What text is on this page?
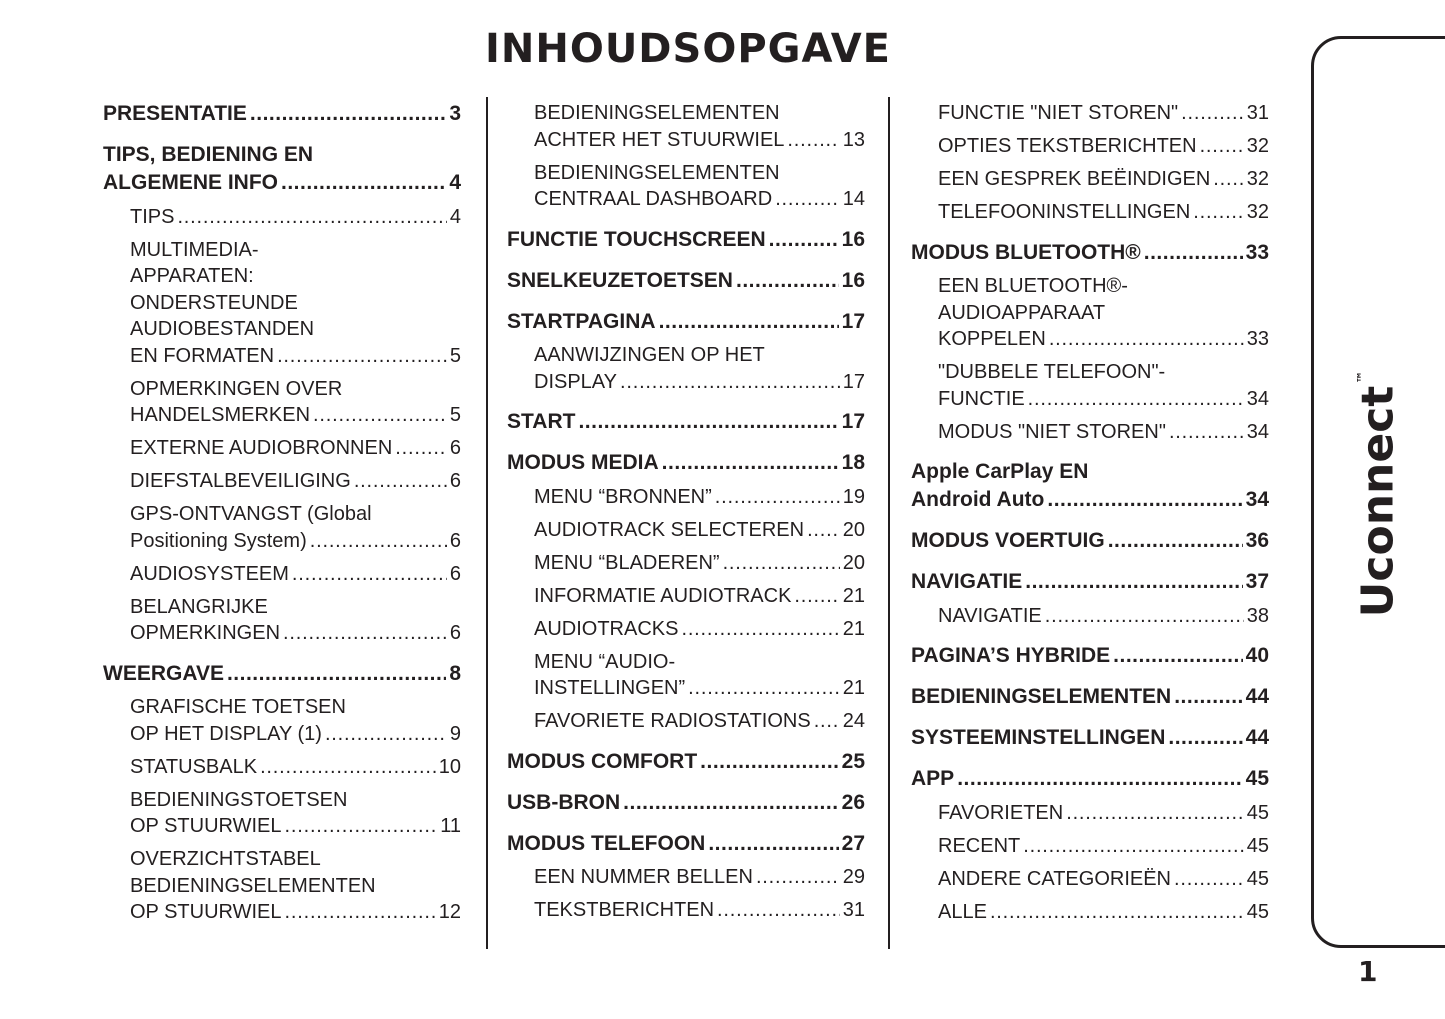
INHOUDSOPGAVE
PRESENTATIE .....	3
TIPS, BEDIENING EN
ALGEMENE INFO .....	4
TIPS .....	4
MULTIMEDIA-
APPARATEN:
ONDERSTEUNDE
AUDIOBESTANDEN
EN FORMATEN .....	5
OPMERKINGEN OVER
HANDELSMERKEN .....	5
EXTERNE AUDIOBRONNEN .....	6
DIEFSTALBEVEILIGING .....	6
GPS-ONTVANGST (Global
Positioning System) .....	6
AUDIOSYSTEEM .....	6
BELANGRIJKE
OPMERKINGEN .....	6
WEERGAVE .....	8
GRAFISCHE TOETSEN
OP HET DISPLAY (1) .....	9
STATUSBALK .....	10
BEDIENINGSTOETSEN
OP STUURWIEL .....	11
OVERZICHTSTABEL
BEDIENINGSELEMENTEN
OP STUURWIEL .....	12
BEDIENINGSELEMENTEN
ACHTER HET STUURWIEL .....	13
BEDIENINGSELEMENTEN
CENTRAAL DASHBOARD .....	14
FUNCTIE TOUCHSCREEN .....	16
SNELKEUZETOETSEN .....	16
STARTPAGINA .....	17
AANWIJZINGEN OP HET
DISPLAY .....	17
START .....	17
MODUS MEDIA .....	18
MENU “BRONNEN” .....	19
AUDIOTRACK SELECTEREN ..... 20
MENU “BLADEREN” .....	20
INFORMATIE AUDIOTRACK .....	21
AUDIOTRACKS .....	21
MENU “AUDIO-
INSTELLINGEN” .....	21
FAVORIETE RADIOSTATIONS ..... 24
MODUS COMFORT .....	25
USB-BRON .....	26
MODUS TELEFOON .....	27
EEN NUMMER BELLEN .....	29
TEKSTBERICHTEN .....	31
FUNCTIE "NIET STOREN" .....	31
OPTIES TEKSTBERICHTEN .....	32
EEN GESPREK BEËINDIGEN ..... 32
TELEFOONINSTELLINGEN .....	32
MODUS BLUETOOTH® .....	33
EEN BLUETOOTH®-
AUDIOAPPARAAT
KOPPELEN .....	33
"DUBBELE TELEFOON"-
FUNCTIE .....	34
MODUS "NIET STOREN" .....	34
Apple CarPlay EN
Android Auto .....	34
MODUS VOERTUIG .....	36
NAVIGATIE .....	37
NAVIGATIE .....	38
PAGINA’S HYBRIDE .....	40
BEDIENINGSELEMENTEN .....	44
SYSTEEMINSTELLINGEN .....	44
APP .....	45
FAVORIETEN .....	45
RECENT .....	45
ANDERE CATEGORIEËN .....	45
ALLE .....	45
Uconnect™
1
